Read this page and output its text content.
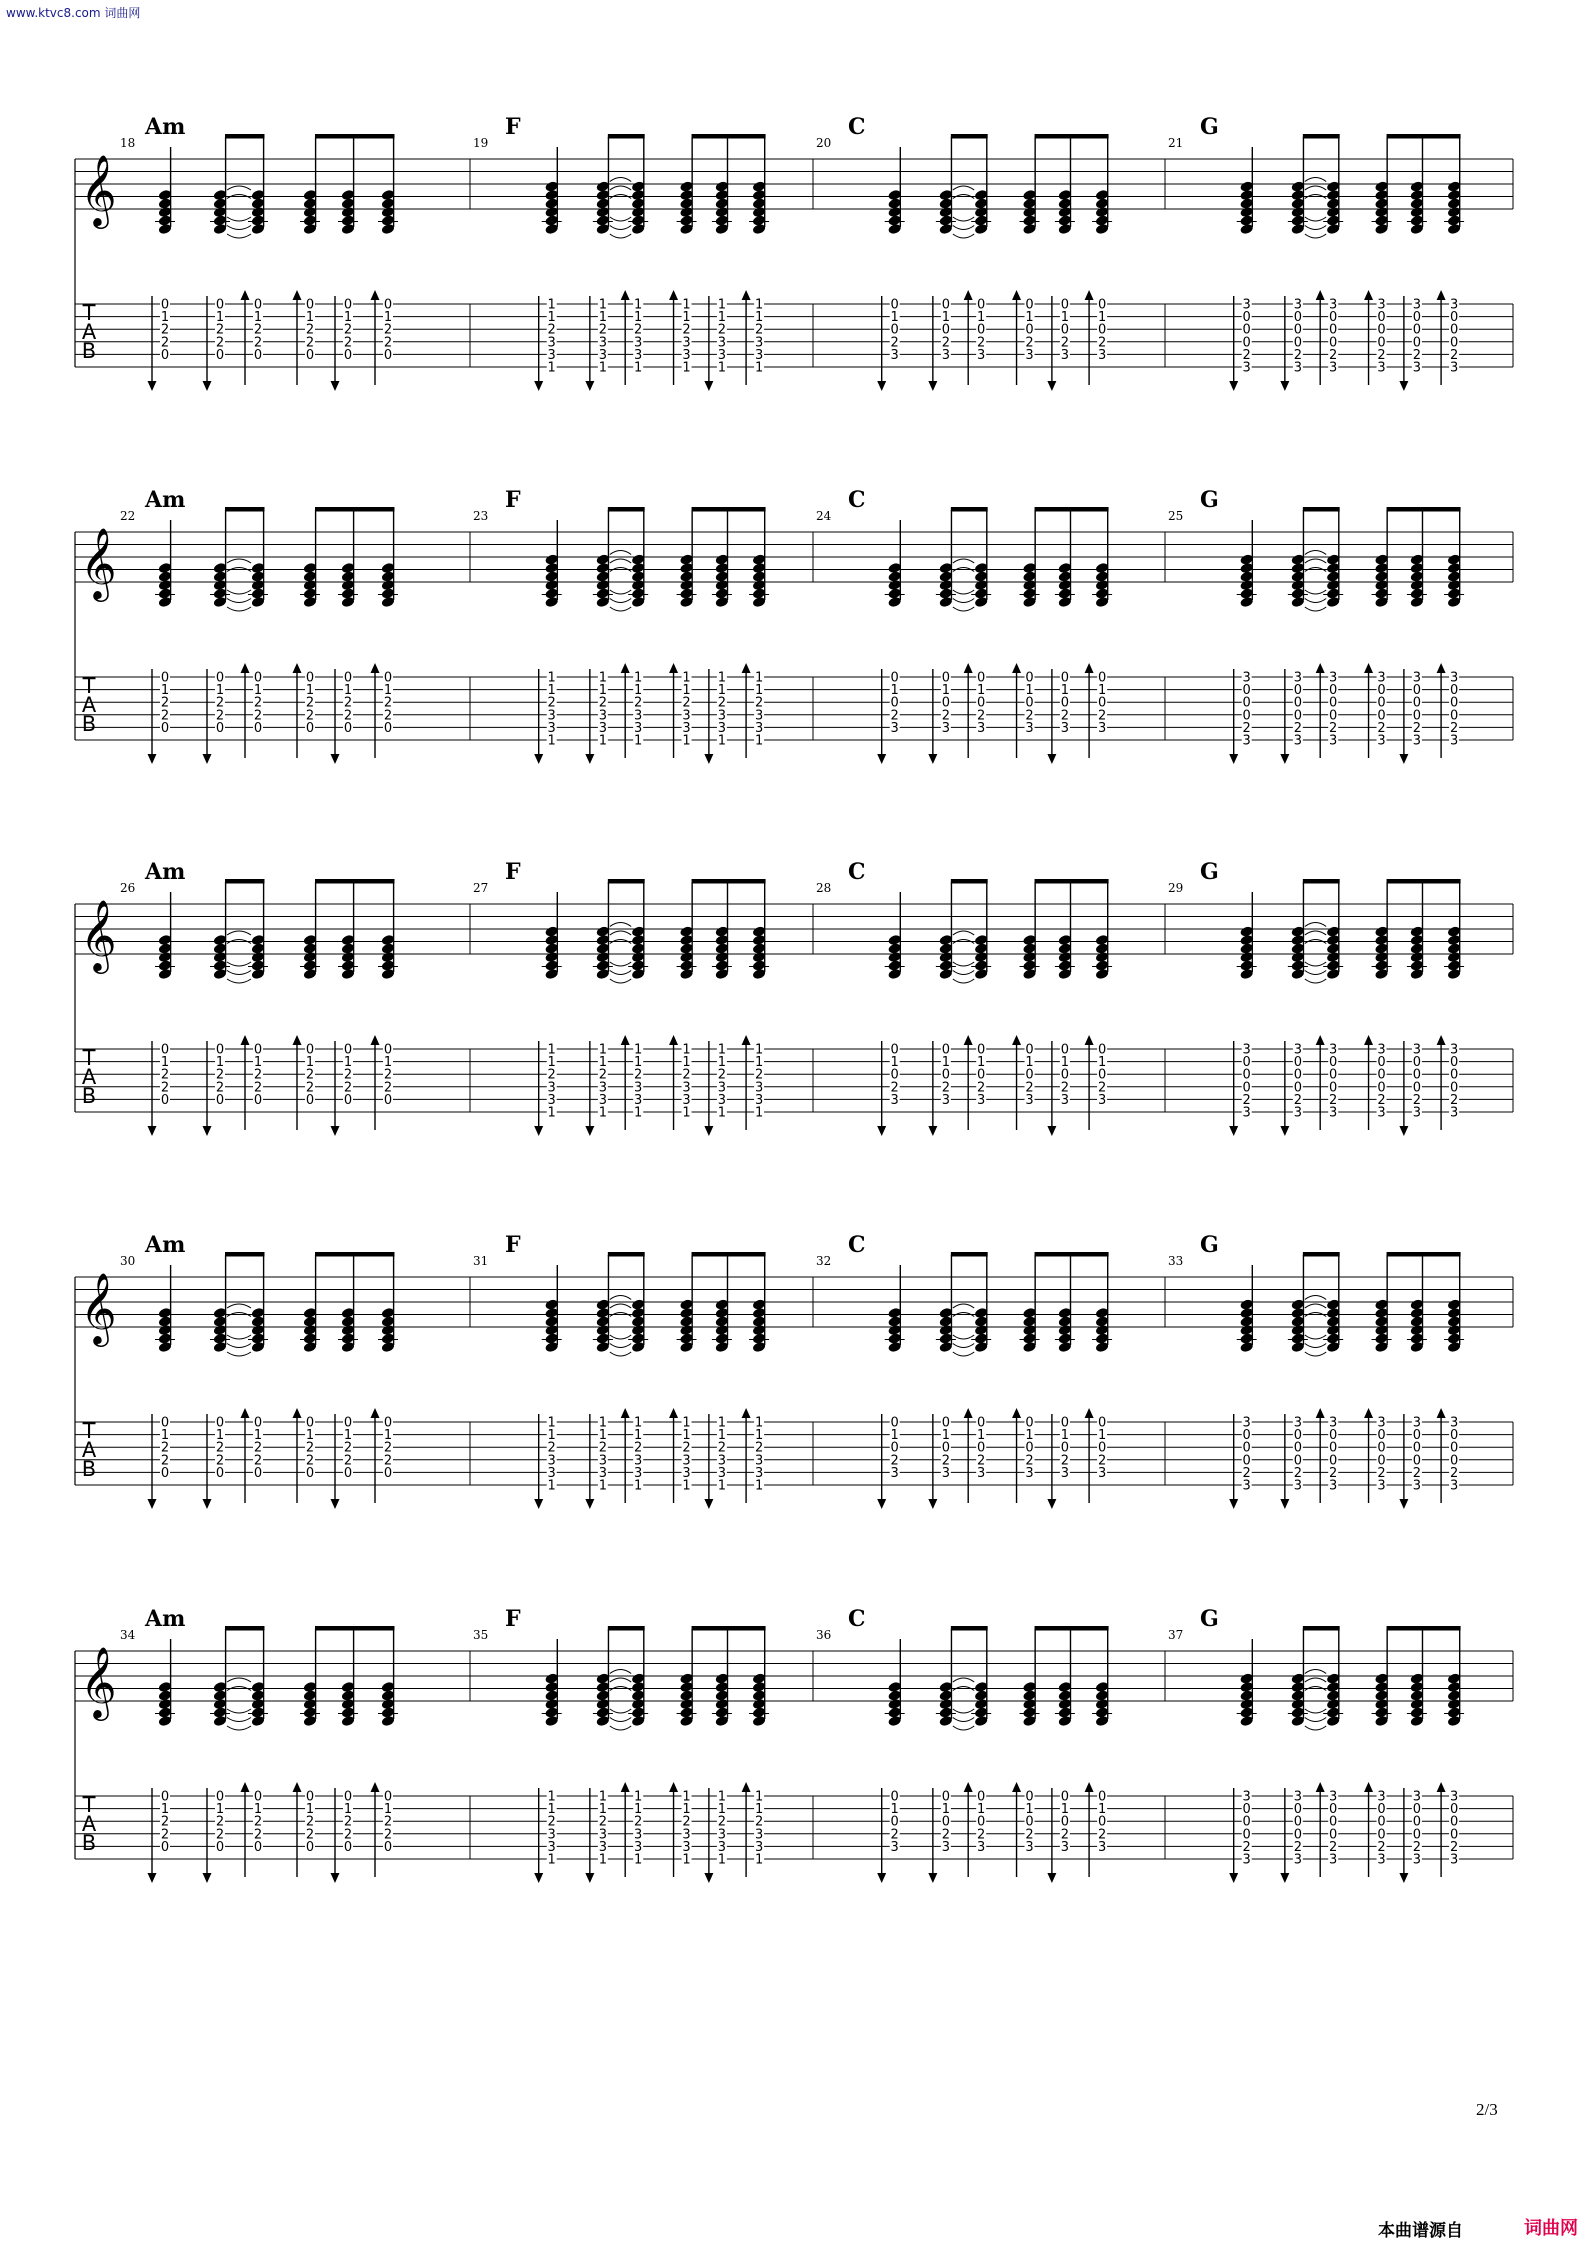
www.ktvc8.com 词曲网
𝄞
T
A
B
18
Am
0
1
2
2
0
0
1
2
2
0
0
1
2
2
0
0
1
2
2
0
0
1
2
2
0
0
1
2
2
0
19
F
1
1
2
3
3
1
1
1
2
3
3
1
1
1
2
3
3
1
1
1
2
3
3
1
1
1
2
3
3
1
1
1
2
3
3
1
20
C
0
1
0
2
3
0
1
0
2
3
0
1
0
2
3
0
1
0
2
3
0
1
0
2
3
0
1
0
2
3
21
G
3
0
0
0
2
3
3
0
0
0
2
3
3
0
0
0
2
3
3
0
0
0
2
3
3
0
0
0
2
3
3
0
0
0
2
3
𝄞
T
A
B
22
Am
0
1
2
2
0
0
1
2
2
0
0
1
2
2
0
0
1
2
2
0
0
1
2
2
0
0
1
2
2
0
23
F
1
1
2
3
3
1
1
1
2
3
3
1
1
1
2
3
3
1
1
1
2
3
3
1
1
1
2
3
3
1
1
1
2
3
3
1
24
C
0
1
0
2
3
0
1
0
2
3
0
1
0
2
3
0
1
0
2
3
0
1
0
2
3
0
1
0
2
3
25
G
3
0
0
0
2
3
3
0
0
0
2
3
3
0
0
0
2
3
3
0
0
0
2
3
3
0
0
0
2
3
3
0
0
0
2
3
𝄞
T
A
B
26
Am
0
1
2
2
0
0
1
2
2
0
0
1
2
2
0
0
1
2
2
0
0
1
2
2
0
0
1
2
2
0
27
F
1
1
2
3
3
1
1
1
2
3
3
1
1
1
2
3
3
1
1
1
2
3
3
1
1
1
2
3
3
1
1
1
2
3
3
1
28
C
0
1
0
2
3
0
1
0
2
3
0
1
0
2
3
0
1
0
2
3
0
1
0
2
3
0
1
0
2
3
29
G
3
0
0
0
2
3
3
0
0
0
2
3
3
0
0
0
2
3
3
0
0
0
2
3
3
0
0
0
2
3
3
0
0
0
2
3
𝄞
T
A
B
30
Am
0
1
2
2
0
0
1
2
2
0
0
1
2
2
0
0
1
2
2
0
0
1
2
2
0
0
1
2
2
0
31
F
1
1
2
3
3
1
1
1
2
3
3
1
1
1
2
3
3
1
1
1
2
3
3
1
1
1
2
3
3
1
1
1
2
3
3
1
32
C
0
1
0
2
3
0
1
0
2
3
0
1
0
2
3
0
1
0
2
3
0
1
0
2
3
0
1
0
2
3
33
G
3
0
0
0
2
3
3
0
0
0
2
3
3
0
0
0
2
3
3
0
0
0
2
3
3
0
0
0
2
3
3
0
0
0
2
3
𝄞
T
A
B
34
Am
0
1
2
2
0
0
1
2
2
0
0
1
2
2
0
0
1
2
2
0
0
1
2
2
0
0
1
2
2
0
35
F
1
1
2
3
3
1
1
1
2
3
3
1
1
1
2
3
3
1
1
1
2
3
3
1
1
1
2
3
3
1
1
1
2
3
3
1
36
C
0
1
0
2
3
0
1
0
2
3
0
1
0
2
3
0
1
0
2
3
0
1
0
2
3
0
1
0
2
3
37
G
3
0
0
0
2
3
3
0
0
0
2
3
3
0
0
0
2
3
3
0
0
0
2
3
3
0
0
0
2
3
3
0
0
0
2
3
2/3
本曲谱源自	词曲网
